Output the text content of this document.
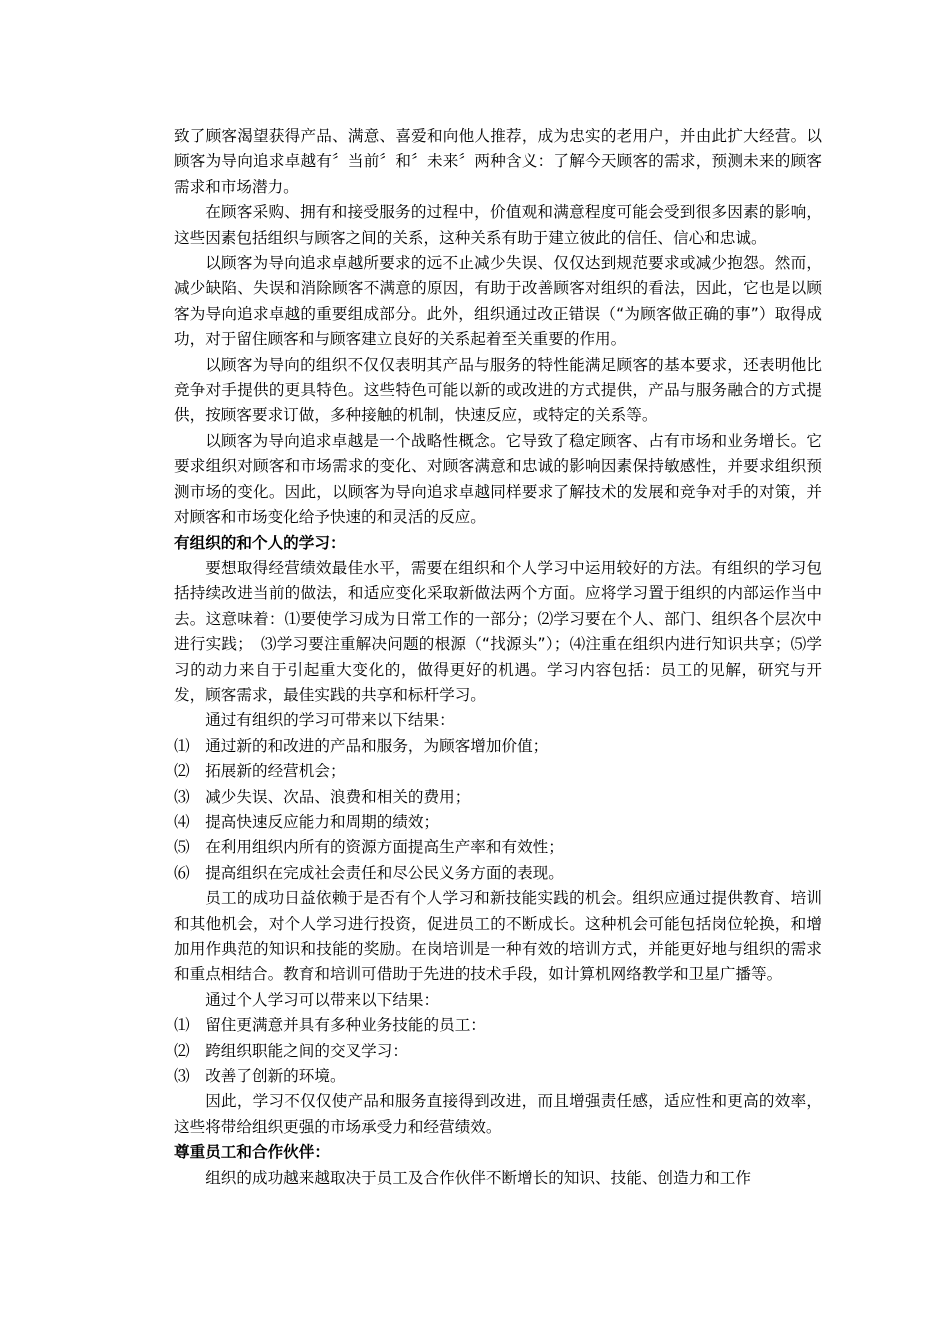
致了顾客渴望获得产品、满意、喜爱和向他人推荐，成为忠实的老用户，并由此扩大经营。以顾客为导向追求卓越有〞当前〞和〞未来〞两种含义：了解今天顾客的需求，预测未来的顾客需求和市场潜力。

在顾客采购、拥有和接受服务的过程中，价值观和满意程度可能会受到很多因素的影响，这些因素包括组织与顾客之间的关系，这种关系有助于建立彼此的信任、信心和忠诚。

以顾客为导向追求卓越所要求的远不止减少失误、仅仅达到规范要求或减少抱怨。然而，减少缺陷、失误和消除顾客不满意的原因，有助于改善顾客对组织的看法，因此，它也是以顾客为导向追求卓越的重要组成部分。此外，组织通过改正错误（“为顾客做正确的事”）取得成功，对于留住顾客和与顾客建立良好的关系起着至关重要的作用。

以顾客为导向的组织不仅仅表明其产品与服务的特性能满足顾客的基本要求，还表明他比竞争对手提供的更具特色。这些特色可能以新的或改进的方式提供，产品与服务融合的方式提供，按顾客要求订做，多种接触的机制，快速反应，或特定的关系等。

以顾客为导向追求卓越是一个战略性概念。它导致了稳定顾客、占有市场和业务增长。它要求组织对顾客和市场需求的变化、对顾客满意和忠诚的影响因素保持敏感性，并要求组织预测市场的变化。因此，以顾客为导向追求卓越同样要求了解技术的发展和竞争对手的对策，并对顾客和市场变化给予快速的和灵活的反应。

有组织的和个人的学习：

要想取得经营绩效最佳水平，需要在组织和个人学习中运用较好的方法。有组织的学习包括持续改进当前的做法，和适应变化采取新做法两个方面。应将学习置于组织的内部运作当中去。这意味着：⑴要使学习成为日常工作的一部分；⑵学习要在个人、部门、组织各个层次中进行实践；　⑶学习要注重解决问题的根源（“找源头”）；⑷注重在组织内进行知识共享；⑸学习的动力来自于引起重大变化的，做得更好的机遇。学习内容包括：员工的见解，研究与开发，顾客需求，最佳实践的共享和标杆学习。

通过有组织的学习可带来以下结果：

⑴　通过新的和改进的产品和服务，为顾客增加价值；

⑵　拓展新的经营机会；

⑶　减少失误、次品、浪费和相关的费用；

⑷　提高快速反应能力和周期的绩效；

⑸　在利用组织内所有的资源方面提高生产率和有效性；

⑹　提高组织在完成社会责任和尽公民义务方面的表现。

员工的成功日益依赖于是否有个人学习和新技能实践的机会。组织应通过提供教育、培训和其他机会，对个人学习进行投资，促进员工的不断成长。这种机会可能包括岗位轮换，和增加用作典范的知识和技能的奖励。在岗培训是一种有效的培训方式，并能更好地与组织的需求和重点相结合。教育和培训可借助于先进的技术手段，如计算机网络教学和卫星广播等。

通过个人学习可以带来以下结果：

⑴　留住更满意并具有多种业务技能的员工：

⑵　跨组织职能之间的交叉学习：

⑶　改善了创新的环境。

因此，学习不仅仅使产品和服务直接得到改进，而且增强责任感，适应性和更高的效率，这些将带给组织更强的市场承受力和经营绩效。

尊重员工和合作伙伴：

组织的成功越来越取决于员工及合作伙伴不断增长的知识、技能、创造力和工作
